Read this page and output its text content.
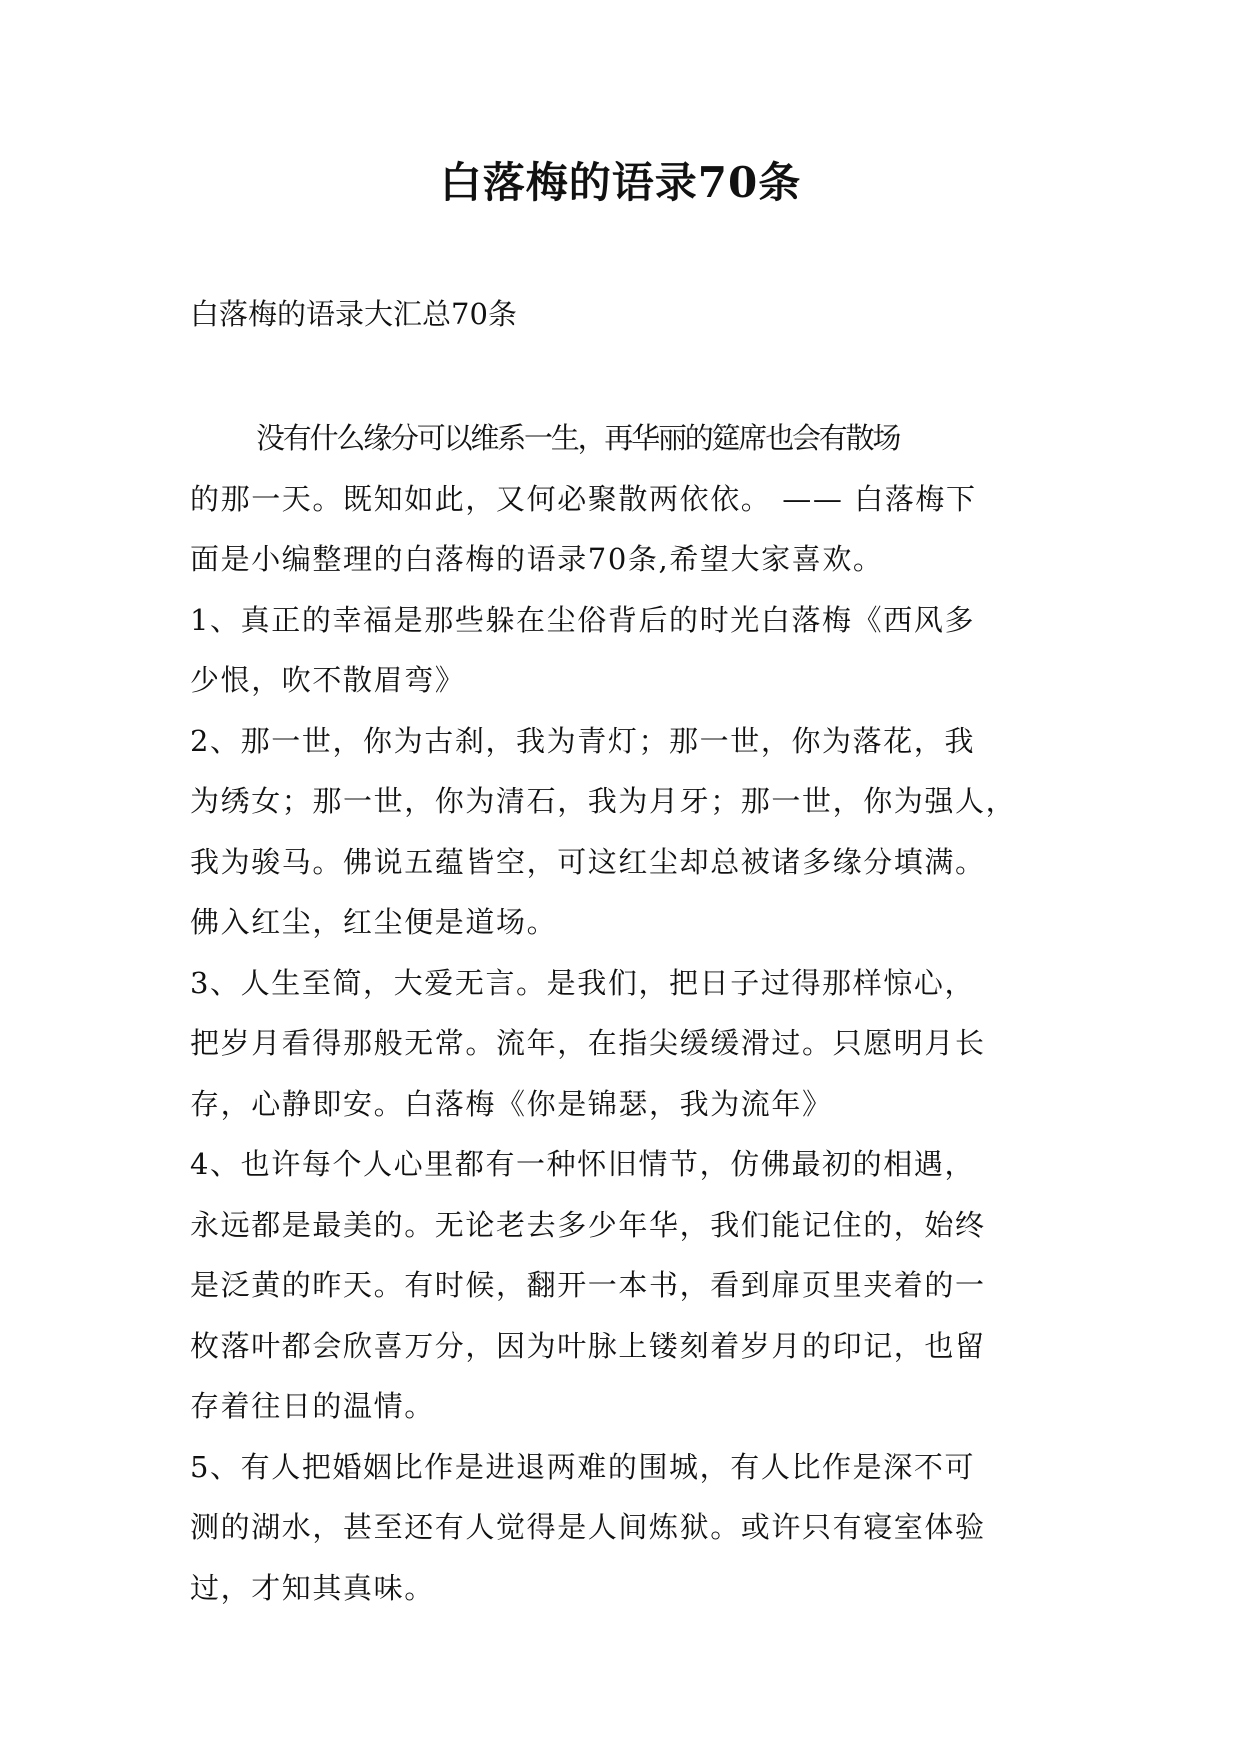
白落梅的语录70条

白落梅的语录大汇总70条

没有什么缘分可以维系一生，再华丽的筵席也会有散场
的那一天。既知如此，又何必聚散两依依。 —— 白落梅下
面是小编整理的白落梅的语录70条,希望大家喜欢。
1、真正的幸福是那些躲在尘俗背后的时光白落梅《西风多
少恨，吹不散眉弯》
2、那一世，你为古刹，我为青灯；那一世，你为落花，我
为绣女；那一世，你为清石，我为月牙；那一世，你为强人，
我为骏马。佛说五蕴皆空，可这红尘却总被诸多缘分填满。
佛入红尘，红尘便是道场。
3、人生至简，大爱无言。是我们，把日子过得那样惊心，
把岁月看得那般无常。流年，在指尖缓缓滑过。只愿明月长
存，心静即安。白落梅《你是锦瑟，我为流年》
4、也许每个人心里都有一种怀旧情节，仿佛最初的相遇，
永远都是最美的。无论老去多少年华，我们能记住的，始终
是泛黄的昨天。有时候，翻开一本书，看到扉页里夹着的一
枚落叶都会欣喜万分，因为叶脉上镂刻着岁月的印记，也留
存着往日的温情。
5、有人把婚姻比作是进退两难的围城，有人比作是深不可
测的湖水，甚至还有人觉得是人间炼狱。或许只有寝室体验
过，才知其真味。
